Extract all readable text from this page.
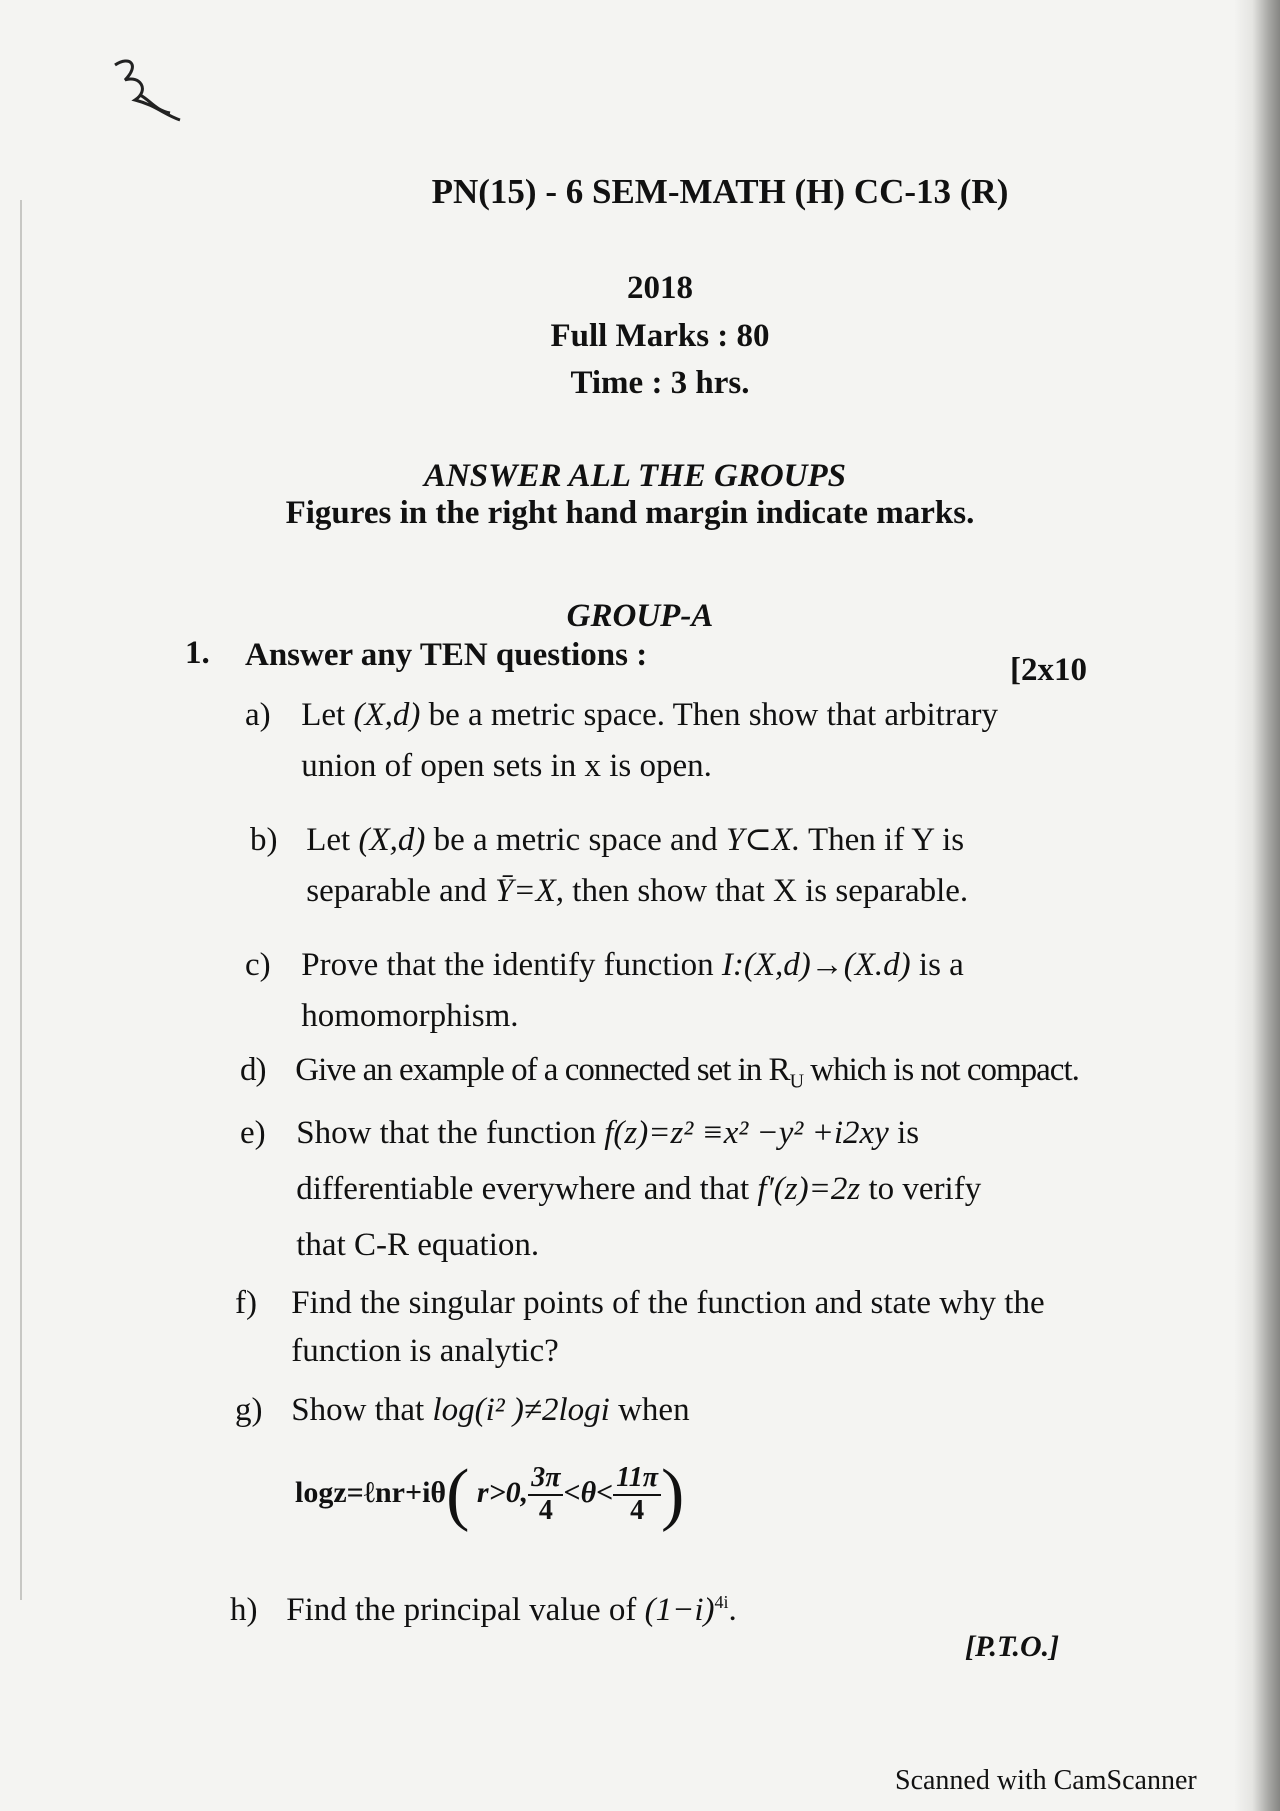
PN(15) - 6 SEM-MATH (H) CC-13 (R)
2018
Full Marks : 80
Time : 3 hrs.
ANSWER ALL THE GROUPS
Figures in the right hand margin indicate marks.
GROUP-A
1. Answer any TEN questions :	[2x10
a) Let (X,d) be a metric space. Then show that arbitrary
union of open sets in x is open.
b) Let (X,d) be a metric space and Y⊂X. Then if Y is
separable and Ȳ=X, then show that X is separable.
c) Prove that the identify function I:(X,d)→(X.d) is a
homomorphism.
d) Give an example of a connected set in $R_U$ which is not compact.
e) Show that the function f(z)=z² ≡x² −y² +i2xy is
differentiable everywhere and that f′(z)=2z to verify
that C-R equation.
f) Find the singular points of the function and state why the
function is analytic?
g) Show that log(i² )≠2logi when
logz=ℓnr+iθ( r>0, $\frac{3\pi}{4} <\theta< \frac{11\pi}{4}$ )
h) Find the principal value of $(1-i)^{4i}$.
[P.T.O.]
Scanned with CamScanner
